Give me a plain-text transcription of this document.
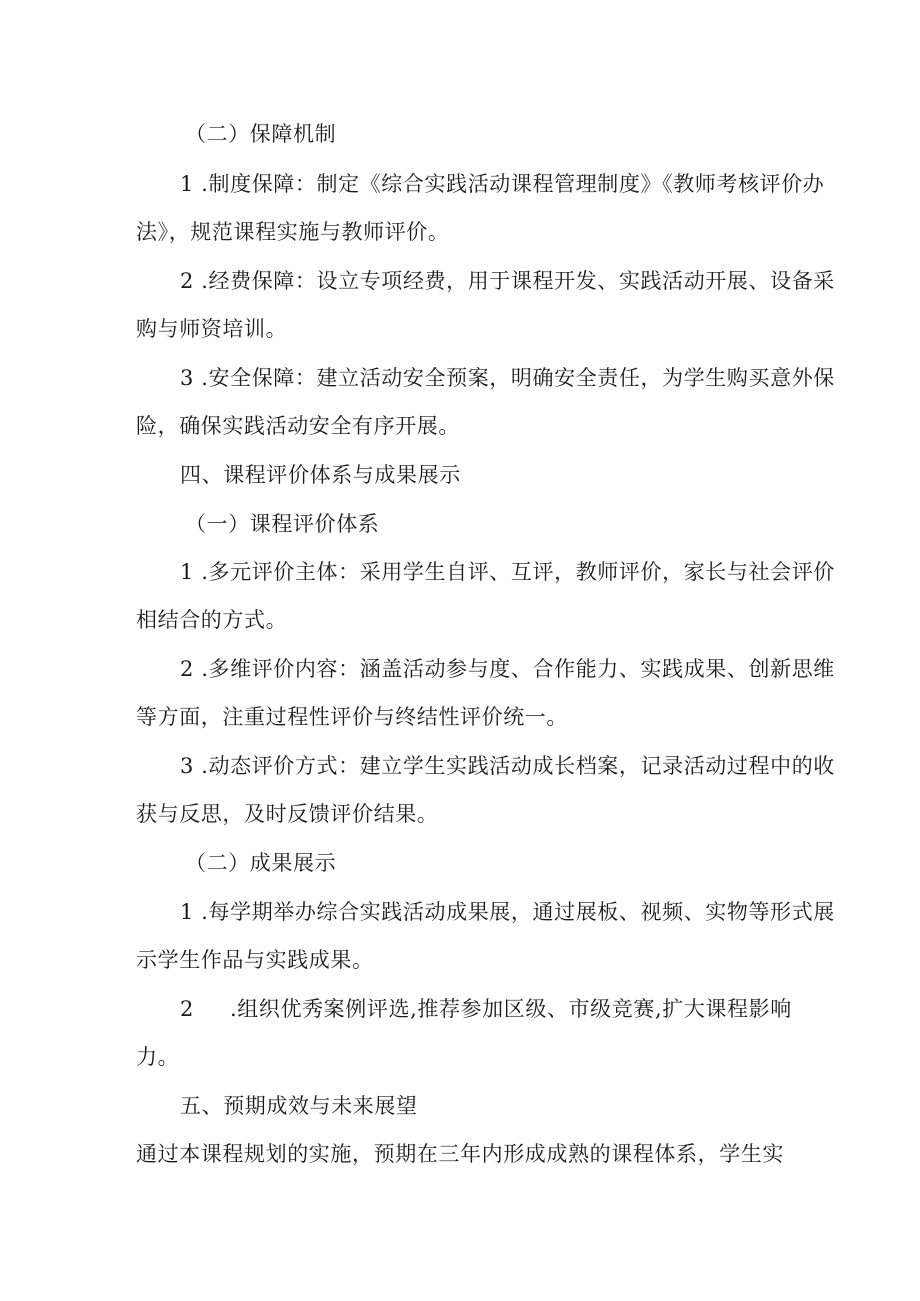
（二）保障机制
1 .制度保障：制定《综合实践活动课程管理制度》《教师考核评价办
法》，规范课程实施与教师评价。
2 .经费保障：设立专项经费，用于课程开发、实践活动开展、设备采
购与师资培训。
3 .安全保障：建立活动安全预案，明确安全责任，为学生购买意外保
险，确保实践活动安全有序开展。
四、课程评价体系与成果展示
（一）课程评价体系
1 .多元评价主体：采用学生自评、互评，教师评价，家长与社会评价
相结合的方式。
2 .多维评价内容：涵盖活动参与度、合作能力、实践成果、创新思维
等方面，注重过程性评价与终结性评价统一。
3 .动态评价方式：建立学生实践活动成长档案，记录活动过程中的收
获与反思，及时反馈评价结果。
（二）成果展示
1 .每学期举办综合实践活动成果展，通过展板、视频、实物等形式展
示学生作品与实践成果。
2 .组织优秀案例评选,推荐参加区级、市级竞赛,扩大课程影响
力。
五、预期成效与未来展望
通过本课程规划的实施，预期在三年内形成成熟的课程体系，学生实
